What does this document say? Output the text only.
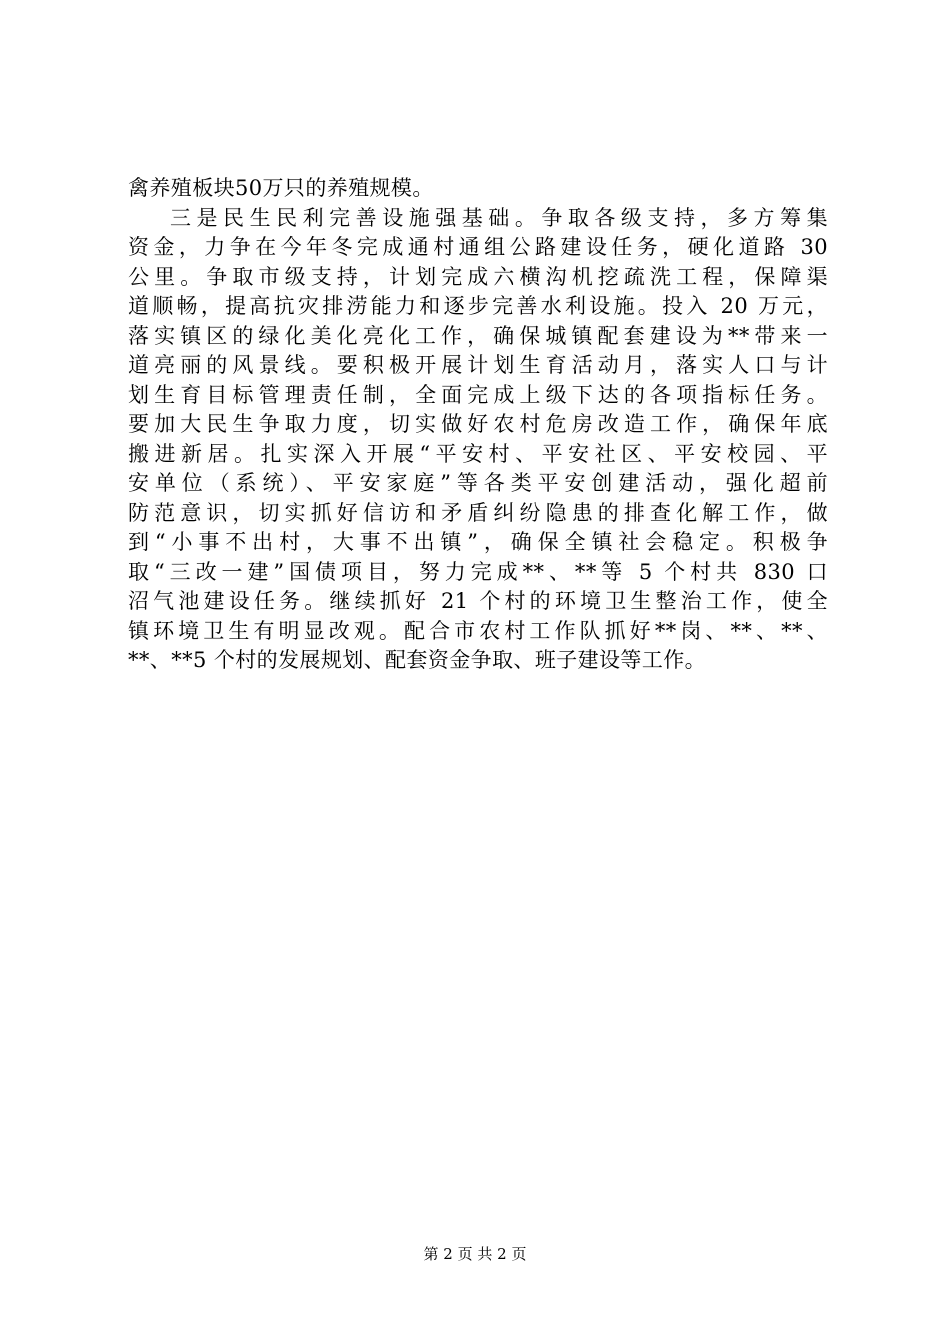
禽养殖板块50万只的养殖规模。
三是民生民利完善设施强基础。争取各级支持，多方筹集
资金，力争在今年冬完成通村通组公路建设任务，硬化道路 30
公里。争取市级支持，计划完成六横沟机挖疏洗工程，保障渠
道顺畅，提高抗灾排涝能力和逐步完善水利设施。投入 20 万元，
落实镇区的绿化美化亮化工作，确保城镇配套建设为**带来一
道亮丽的风景线。要积极开展计划生育活动月，落实人口与计
划生育目标管理责任制，全面完成上级下达的各项指标任务。
要加大民生争取力度，切实做好农村危房改造工作，确保年底
搬进新居。扎实深入开展“平安村、平安社区、平安校园、平
安单位（系统）、平安家庭”等各类平安创建活动，强化超前
防范意识，切实抓好信访和矛盾纠纷隐患的排查化解工作，做
到“小事不出村，大事不出镇”，确保全镇社会稳定。积极争
取“三改一建”国债项目，努力完成**、**等 5 个村共 830 口
沼气池建设任务。继续抓好 21 个村的环境卫生整治工作，使全
镇环境卫生有明显改观。配合市农村工作队抓好**岗、**、**、
**、**5 个村的发展规划、配套资金争取、班子建设等工作。
第 2 页 共 2 页
